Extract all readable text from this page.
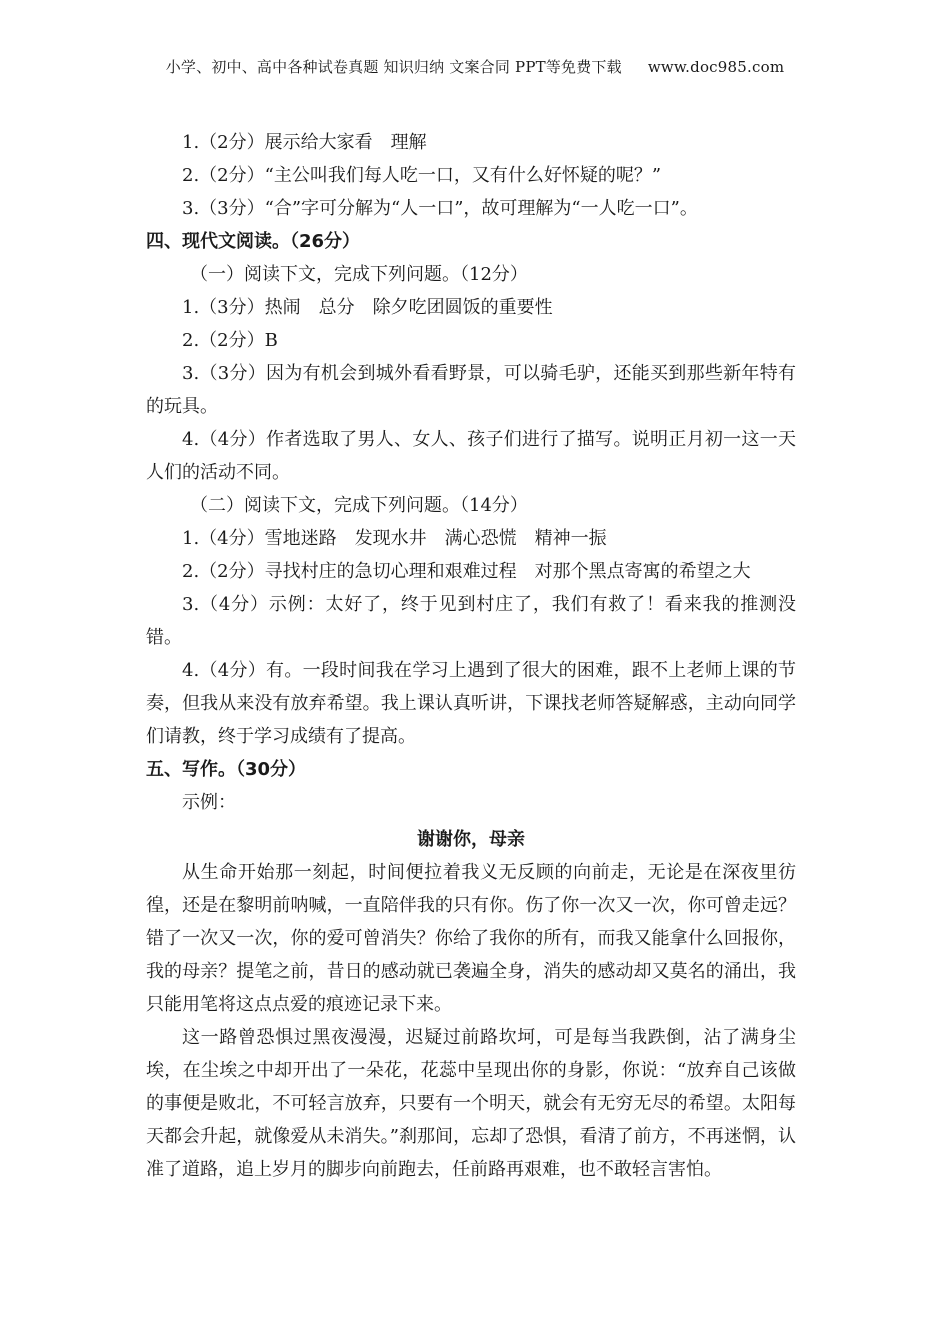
小学、初中、高中各种试卷真题 知识归纳 文案合同 PPT等免费下载 www.doc985.com
1.（2分）展示给大家看　理解
2.（2分）“主公叫我们每人吃一口，又有什么好怀疑的呢？”
3.（3分）“合”字可分解为“人一口”，故可理解为“一人吃一口”。
四、现代文阅读。（26分）
（一）阅读下文，完成下列问题。（12分）
1.（3分）热闹　总分　除夕吃团圆饭的重要性
2.（2分）B
3.（3分）因为有机会到城外看看野景，可以骑毛驴，还能买到那些新年特有的玩具。
4.（4分）作者选取了男人、女人、孩子们进行了描写。说明正月初一这一天人们的活动不同。
（二）阅读下文，完成下列问题。（14分）
1.（4分）雪地迷路　发现水井　满心恐慌　精神一振
2.（2分）寻找村庄的急切心理和艰难过程　对那个黑点寄寓的希望之大
3.（4分）示例：太好了，终于见到村庄了，我们有救了！看来我的推测没错。
4.（4分）有。一段时间我在学习上遇到了很大的困难，跟不上老师上课的节奏，但我从来没有放弃希望。我上课认真听讲，下课找老师答疑解惑，主动向同学们请教，终于学习成绩有了提高。
五、写作。（30分）
示例：
谢谢你，母亲
从生命开始那一刻起，时间便拉着我义无反顾的向前走，无论是在深夜里彷徨，还是在黎明前呐喊，一直陪伴我的只有你。伤了你一次又一次，你可曾走远？错了一次又一次，你的爱可曾消失？你给了我你的所有，而我又能拿什么回报你，我的母亲？提笔之前，昔日的感动就已袭遍全身，消失的感动却又莫名的涌出，我只能用笔将这点点爱的痕迹记录下来。
这一路曾恐惧过黑夜漫漫，迟疑过前路坎坷，可是每当我跌倒，沾了满身尘埃，在尘埃之中却开出了一朵花，花蕊中呈现出你的身影，你说：“放弃自己该做的事便是败北，不可轻言放弃，只要有一个明天，就会有无穷无尽的希望。太阳每天都会升起，就像爱从未消失。”刹那间，忘却了恐惧，看清了前方，不再迷惘，认准了道路，追上岁月的脚步向前跑去，任前路再艰难，也不敢轻言害怕。
